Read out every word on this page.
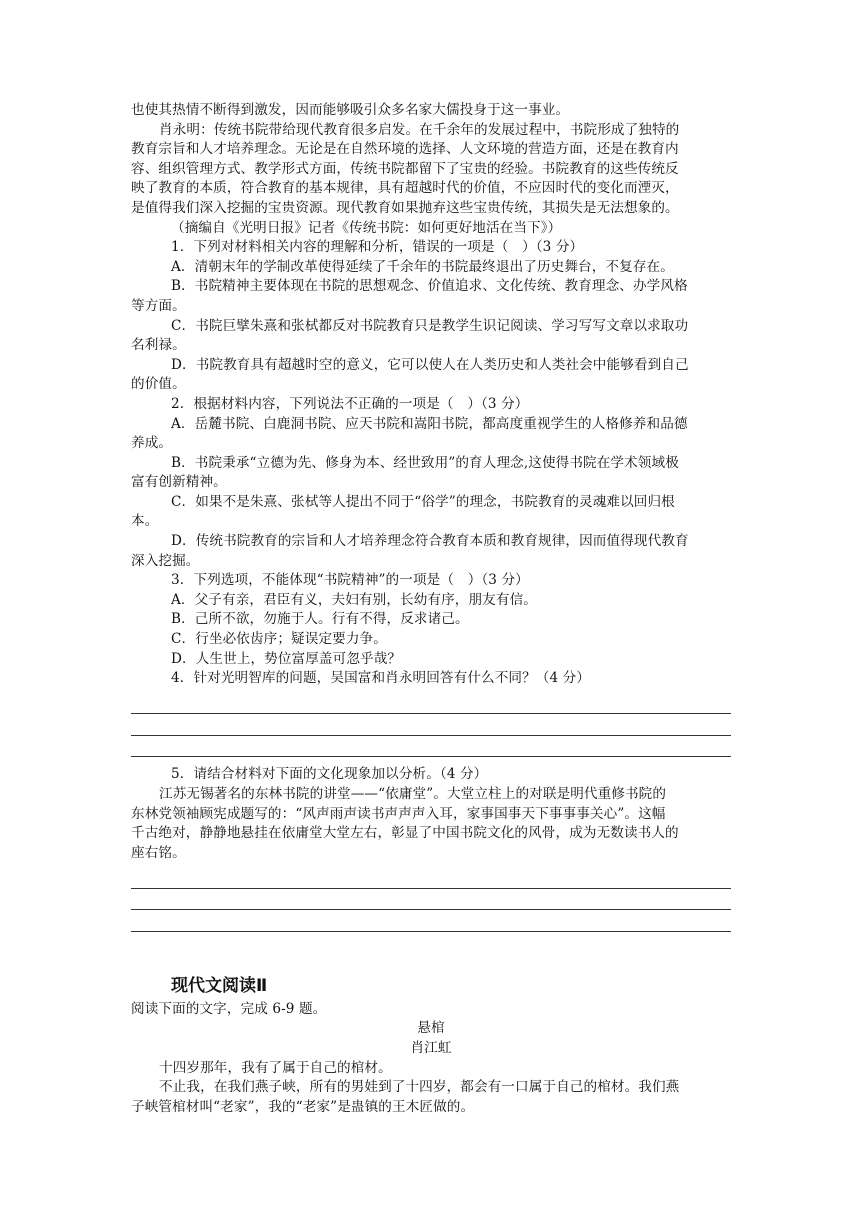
也使其热情不断得到激发，因而能够吸引众多名家大儒投身于这一事业。
肖永明：传统书院带给现代教育很多启发。在千余年的发展过程中，书院形成了独特的
教育宗旨和人才培养理念。无论是在自然环境的选择、人文环境的营造方面，还是在教育内
容、组织管理方式、教学形式方面，传统书院都留下了宝贵的经验。书院教育的这些传统反
映了教育的本质，符合教育的基本规律，具有超越时代的价值，不应因时代的变化而湮灭，
是值得我们深入挖掘的宝贵资源。现代教育如果抛弃这些宝贵传统，其损失是无法想象的。
（摘编自《光明日报》记者《传统书院：如何更好地活在当下》）
1．下列对材料相关内容的理解和分析，错误的一项是（　）（3 分）
A．清朝末年的学制改革使得延续了千余年的书院最终退出了历史舞台，不复存在。
B．书院精神主要体现在书院的思想观念、价值追求、文化传统、教育理念、办学风格
等方面。
C．书院巨擘朱熹和张栻都反对书院教育只是教学生识记阅读、学习写写文章以求取功
名利禄。
D．书院教育具有超越时空的意义，它可以使人在人类历史和人类社会中能够看到自己
的价值。
2．根据材料内容，下列说法不正确的一项是（　）（3 分）
A．岳麓书院、白鹿洞书院、应天书院和嵩阳书院，都高度重视学生的人格修养和品德
养成。
B．书院秉承“立德为先、修身为本、经世致用”的育人理念,这使得书院在学术领域极
富有创新精神。
C．如果不是朱熹、张栻等人提出不同于“俗学”的理念，书院教育的灵魂难以回归根
本。
D．传统书院教育的宗旨和人才培养理念符合教育本质和教育规律，因而值得现代教育
深入挖掘。
3．下列选项，不能体现“书院精神”的一项是（　）（3 分）
A．父子有亲，君臣有义，夫妇有别，长幼有序，朋友有信。
B．己所不欲，勿施于人。行有不得，反求诸己。
C．行坐必依齿序；疑误定要力争。
D．人生世上，势位富厚盖可忽乎哉？
4．针对光明智库的问题，吴国富和肖永明回答有什么不同？（4 分）
5．请结合材料对下面的文化现象加以分析。（4 分）
江苏无锡著名的东林书院的讲堂——“依庸堂”。大堂立柱上的对联是明代重修书院的
东林党领袖顾宪成题写的：“风声雨声读书声声声入耳，家事国事天下事事事关心”。这幅
千古绝对，静静地悬挂在依庸堂大堂左右，彰显了中国书院文化的风骨，成为无数读书人的
座右铭。
现代文阅读Ⅱ
阅读下面的文字，完成 6-9 题。
悬棺
肖江虹
十四岁那年，我有了属于自己的棺材。
不止我，在我们燕子峡，所有的男娃到了十四岁，都会有一口属于自己的棺材。我们燕
子峡管棺材叫“老家”，我的“老家”是蛊镇的王木匠做的。
